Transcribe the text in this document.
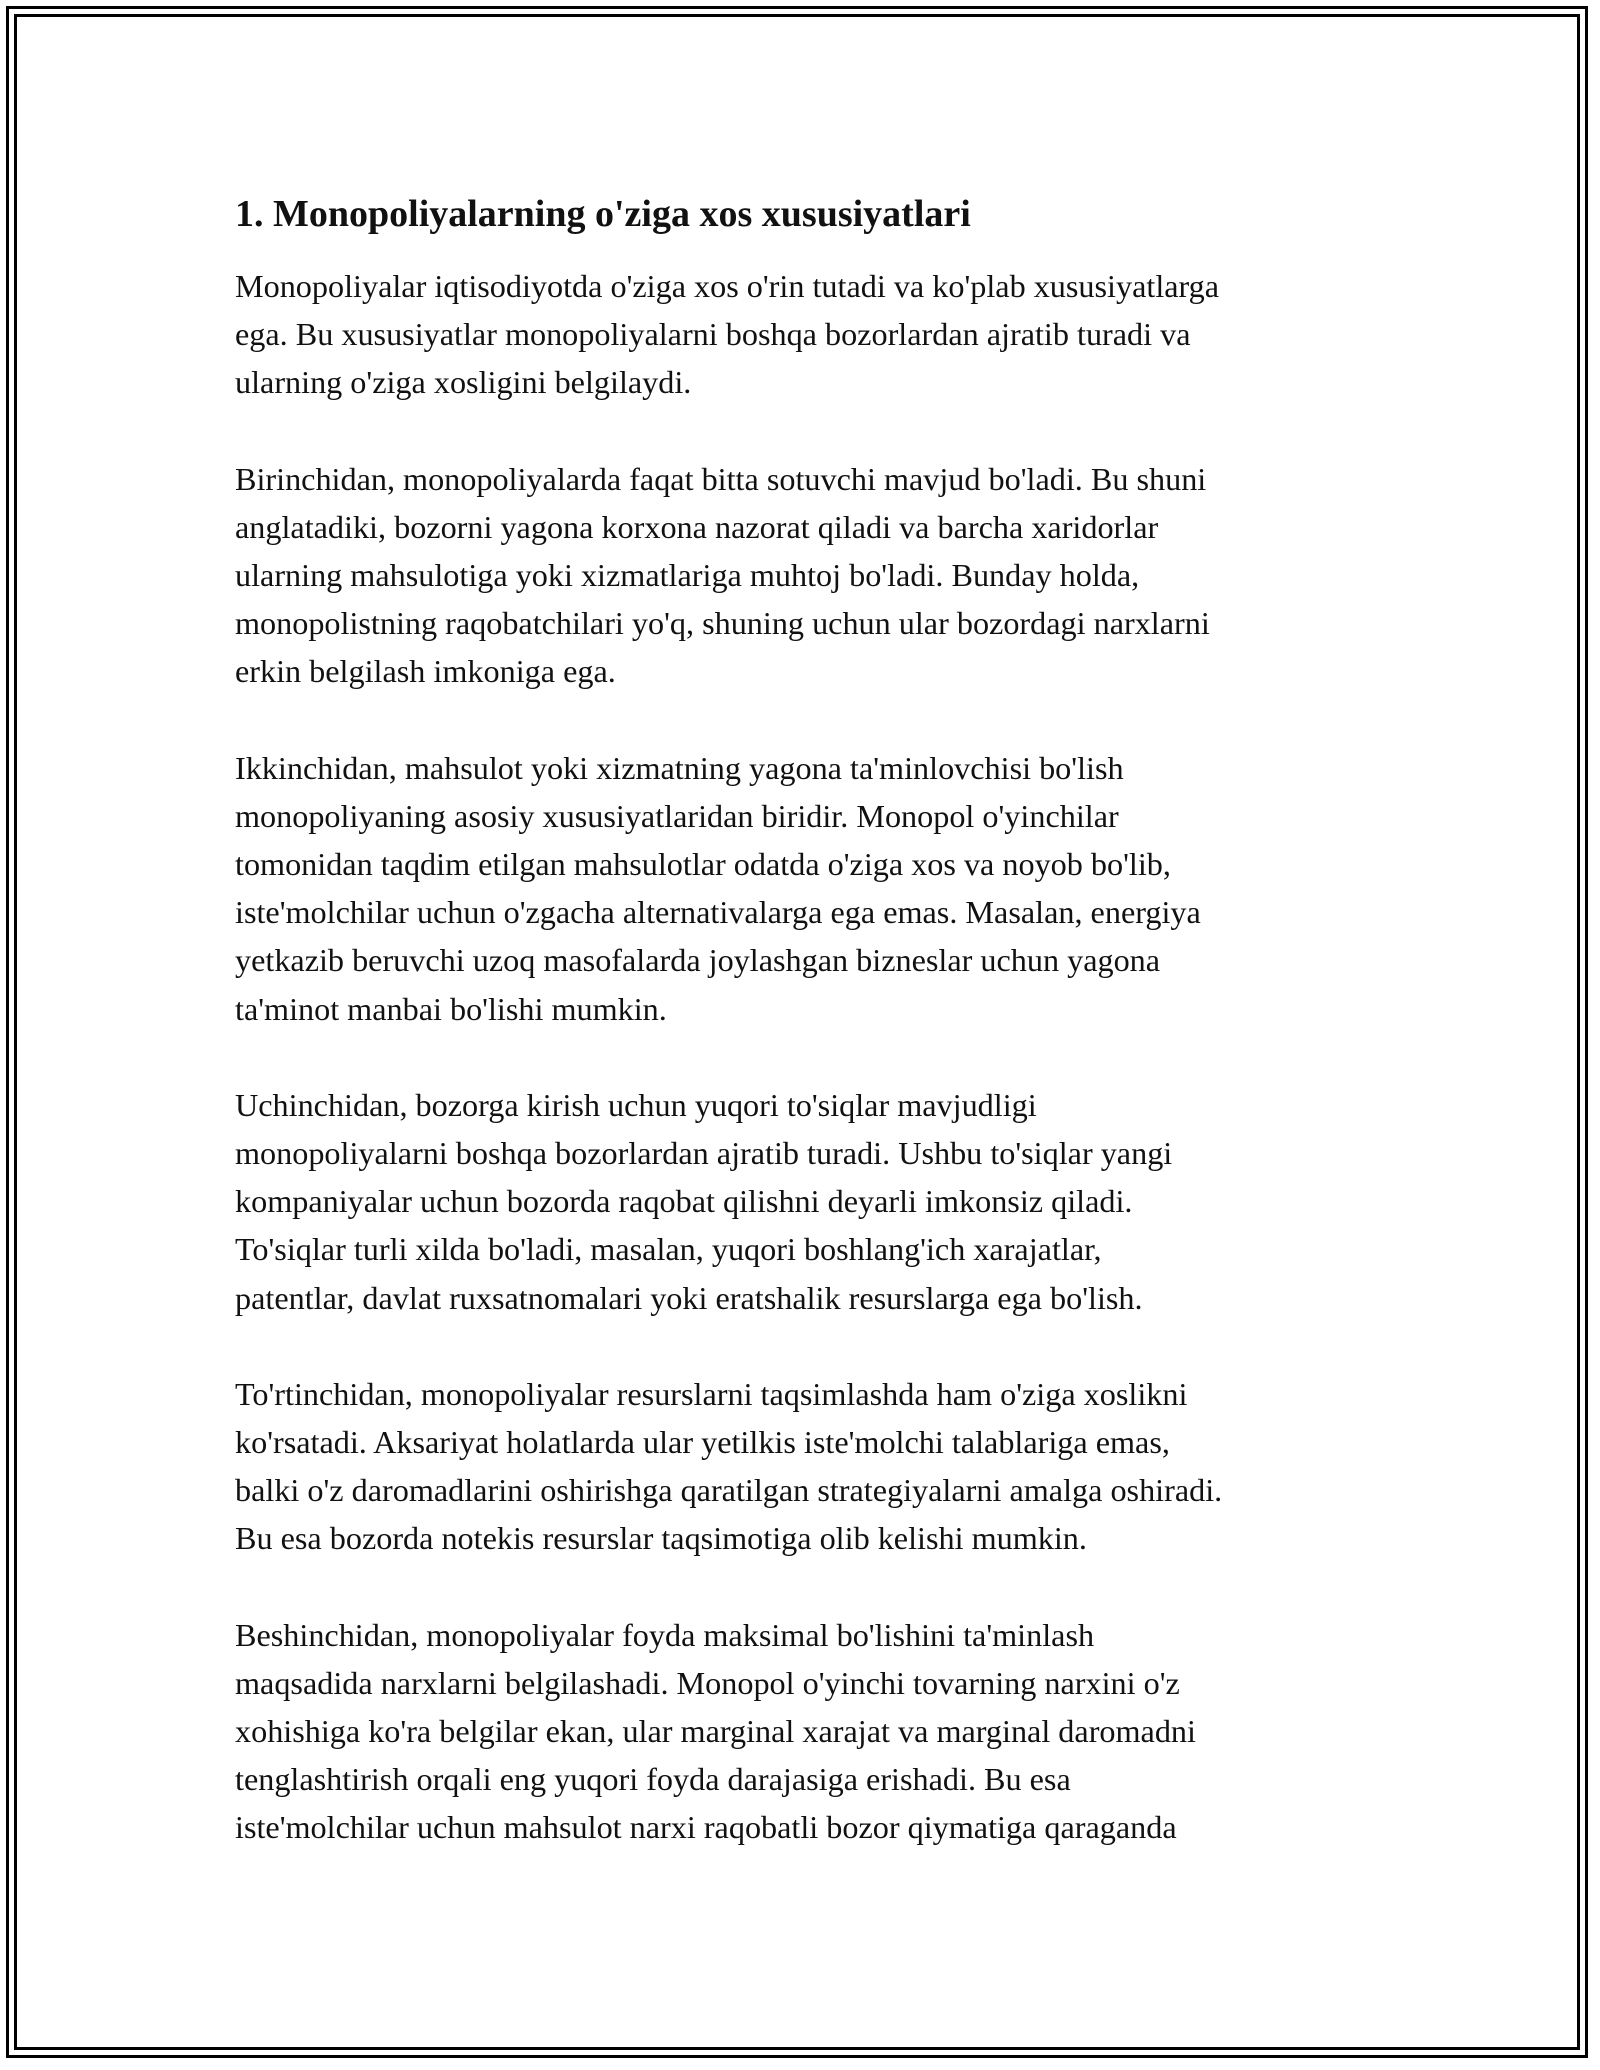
1. Monopoliyalarning o'ziga xos xususiyatlari

Monopoliyalar iqtisodiyotda o'ziga xos o'rin tutadi va ko'plab xususiyatlarga
ega. Bu xususiyatlar monopoliyalarni boshqa bozorlardan ajratib turadi va
ularning o'ziga xosligini belgilaydi.

Birinchidan, monopoliyalarda faqat bitta sotuvchi mavjud bo'ladi. Bu shuni
anglatadiki, bozorni yagona korxona nazorat qiladi va barcha xaridorlar
ularning mahsulotiga yoki xizmatlariga muhtoj bo'ladi. Bunday holda,
monopolistning raqobatchilari yo'q, shuning uchun ular bozordagi narxlarni
erkin belgilash imkoniga ega.

Ikkinchidan, mahsulot yoki xizmatning yagona ta'minlovchisi bo'lish
monopoliyaning asosiy xususiyatlaridan biridir. Monopol o'yinchilar
tomonidan taqdim etilgan mahsulotlar odatda o'ziga xos va noyob bo'lib,
iste'molchilar uchun o'zgacha alternativalarga ega emas. Masalan, energiya
yetkazib beruvchi uzoq masofalarda joylashgan bizneslar uchun yagona
ta'minot manbai bo'lishi mumkin.

Uchinchidan, bozorga kirish uchun yuqori to'siqlar mavjudligi
monopoliyalarni boshqa bozorlardan ajratib turadi. Ushbu to'siqlar yangi
kompaniyalar uchun bozorda raqobat qilishni deyarli imkonsiz qiladi.
To'siqlar turli xilda bo'ladi, masalan, yuqori boshlang'ich xarajatlar,
patentlar, davlat ruxsatnomalari yoki eratshalik resurslarga ega bo'lish.

To'rtinchidan, monopoliyalar resurslarni taqsimlashda ham o'ziga xoslikni
ko'rsatadi. Aksariyat holatlarda ular yetilkis iste'molchi talablariga emas,
balki o'z daromadlarini oshirishga qaratilgan strategiyalarni amalga oshiradi.
Bu esa bozorda notekis resurslar taqsimotiga olib kelishi mumkin.

Beshinchidan, monopoliyalar foyda maksimal bo'lishini ta'minlash
maqsadida narxlarni belgilashadi. Monopol o'yinchi tovarning narxini o'z
xohishiga ko'ra belgilar ekan, ular marginal xarajat va marginal daromadni
tenglashtirish orqali eng yuqori foyda darajasiga erishadi. Bu esa
iste'molchilar uchun mahsulot narxi raqobatli bozor qiymatiga qaraganda
